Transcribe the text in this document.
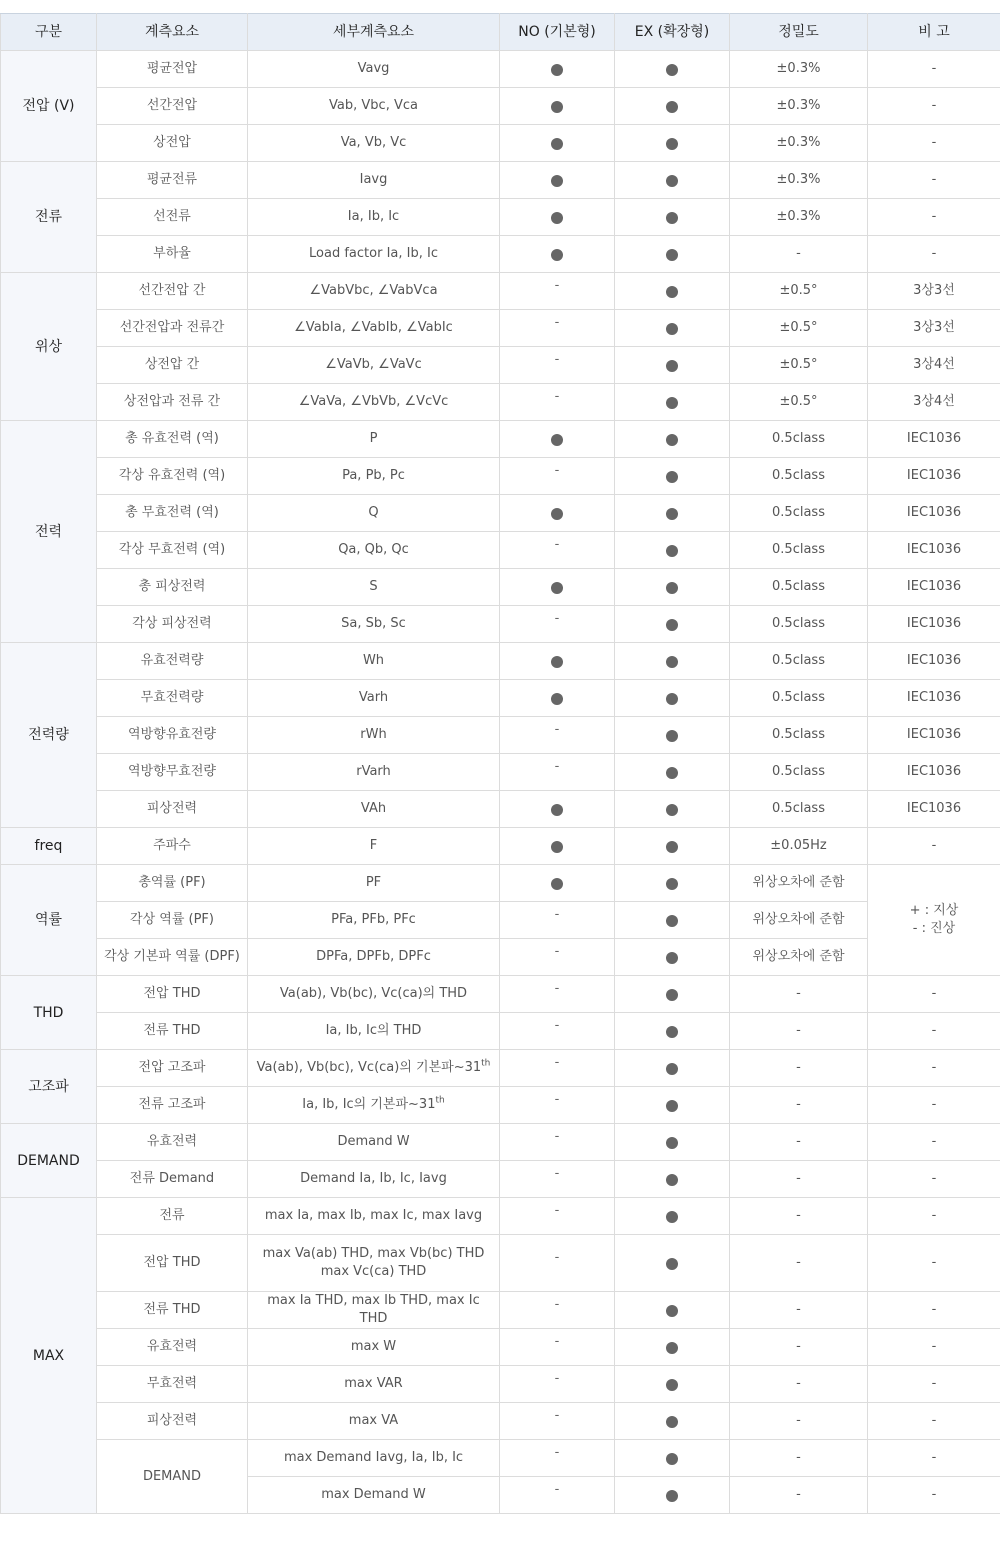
구분	계측요소	세부계측요소	NO (기본형)	EX (확장형)	정밀도	비 고
전압 (V)	평균전압	Vavg			±0.3%	-
	선간전압	Vab, Vbc, Vca			±0.3%	-
	상전압	Va, Vb, Vc			±0.3%	-
전류	평균전류	Iavg			±0.3%	-
	선전류	Ia, Ib, Ic			±0.3%	-
	부하율	Load factor Ia, Ib, Ic			-	-
위상	선간전압 간	∠VabVbc, ∠VabVca	-		±0.5°	3상3선
	선간전압과 전류간	∠VabIa, ∠VabIb, ∠VabIc	-		±0.5°	3상3선
	상전압 간	∠VaVb, ∠VaVc	-		±0.5°	3상4선
	상전압과 전류 간	∠VaVa, ∠VbVb, ∠VcVc	-		±0.5°	3상4선
전력	총 유효전력 (역)	P			0.5class	IEC1036
	각상 유효전력 (역)	Pa, Pb, Pc	-		0.5class	IEC1036
	총 무효전력 (역)	Q			0.5class	IEC1036
	각상 무효전력 (역)	Qa, Qb, Qc	-		0.5class	IEC1036
	총 피상전력	S			0.5class	IEC1036
	각상 피상전력	Sa, Sb, Sc	-		0.5class	IEC1036
전력량	유효전력량	Wh			0.5class	IEC1036
	무효전력량	Varh			0.5class	IEC1036
	역방향유효전량	rWh	-		0.5class	IEC1036
	역방향무효전량	rVarh	-		0.5class	IEC1036
	피상전력	VAh			0.5class	IEC1036
freq	주파수	F			±0.05Hz	-
역률	총역률 (PF)	PF			위상오차에 준함	+ : 지상
- : 진상

	각상 역률 (PF)	PFa, PFb, PFc	-		위상오차에 준함	
	각상 기본파 역률 (DPF)	DPFa, DPFb, DPFc	-		위상오차에 준함	
THD	전압 THD	Va(ab), Vb(bc), Vc(ca)의 THD	-		-	-
	전류 THD	Ia, Ib, Ic의 THD	-		-	-
고조파	전압 고조파	Va(ab), Vb(bc), Vc(ca)의 기본파~31th	-		-	-
	전류 고조파	Ia, Ib, Ic의 기본파~31th	-		-	-
DEMAND	유효전력	Demand W	-		-	-
	전류 Demand	Demand Ia, Ib, Ic, Iavg	-		-	-
MAX	전류	max Ia, max Ib, max Ic, max Iavg	-		-	-
	전압 THD	max Va(ab) THD, max Vb(bc) THD
max Vc(ca) THD	-		-	-
	전류 THD	max Ia THD, max Ib THD, max Ic THD	-		-	-
	유효전력	max W	-		-	-
	무효전력	max VAR	-		-	-
	피상전력	max VA	-		-	-
	DEMAND	max Demand Iavg, Ia, Ib, Ic	-		-	-
		max Demand W	-		-	-
